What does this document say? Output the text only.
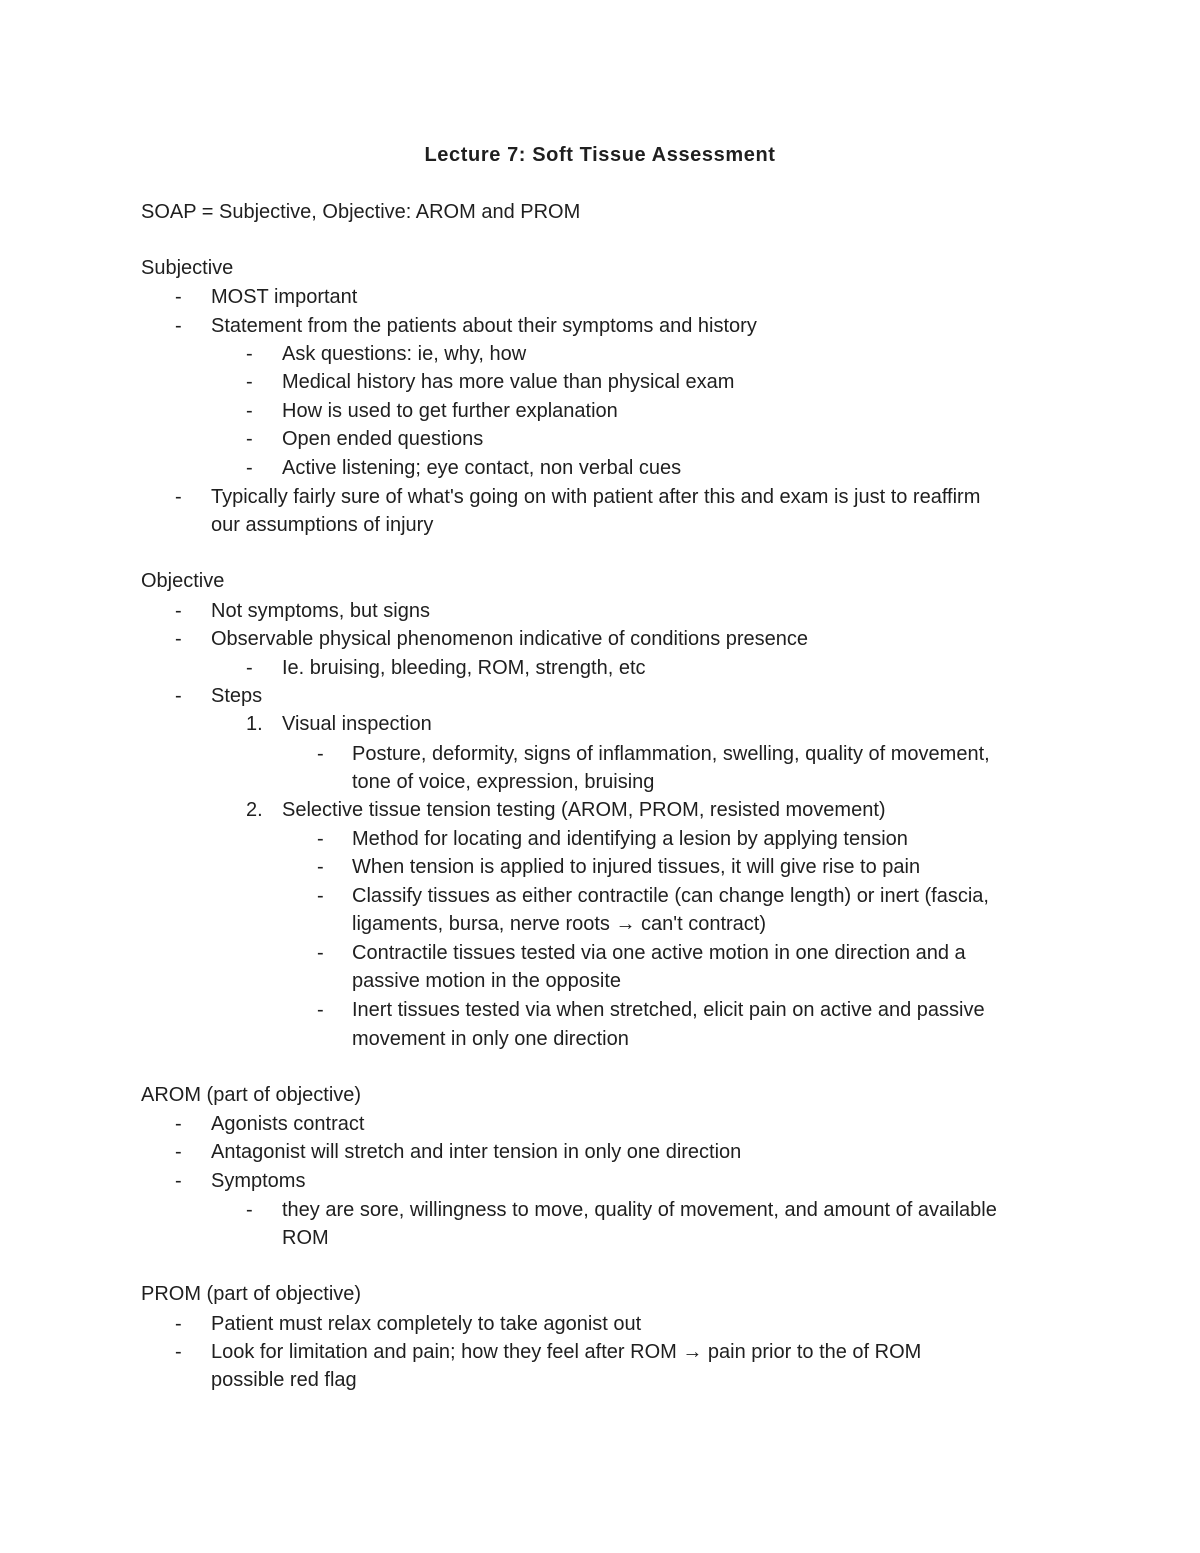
Lecture 7: Soft Tissue Assessment
SOAP = Subjective, Objective: AROM and PROM
Subjective
- MOST important
- Statement from the patients about their symptoms and history
- Ask questions: ie, why, how
- Medical history has more value than physical exam
- How is used to get further explanation
- Open ended questions
- Active listening; eye contact, non verbal cues
- Typically fairly sure of what's going on with patient after this and exam is just to reaffirm
our assumptions of injury
Objective
- Not symptoms, but signs
- Observable physical phenomenon indicative of conditions presence
- Ie. bruising, bleeding, ROM, strength, etc
- Steps
1. Visual inspection
- Posture, deformity, signs of inflammation, swelling, quality of movement,
tone of voice, expression, bruising
2. Selective tissue tension testing (AROM, PROM, resisted movement)
- Method for locating and identifying a lesion by applying tension
- When tension is applied to injured tissues, it will give rise to pain
- Classify tissues as either contractile (can change length) or inert (fascia,
ligaments, bursa, nerve roots → can't contract)
- Contractile tissues tested via one active motion in one direction and a
passive motion in the opposite
- Inert tissues tested via when stretched, elicit pain on active and passive
movement in only one direction
AROM (part of objective)
- Agonists contract
- Antagonist will stretch and inter tension in only one direction
- Symptoms
- they are sore, willingness to move, quality of movement, and amount of available
ROM
PROM (part of objective)
- Patient must relax completely to take agonist out
- Look for limitation and pain; how they feel after ROM → pain prior to the of ROM
possible red flag
